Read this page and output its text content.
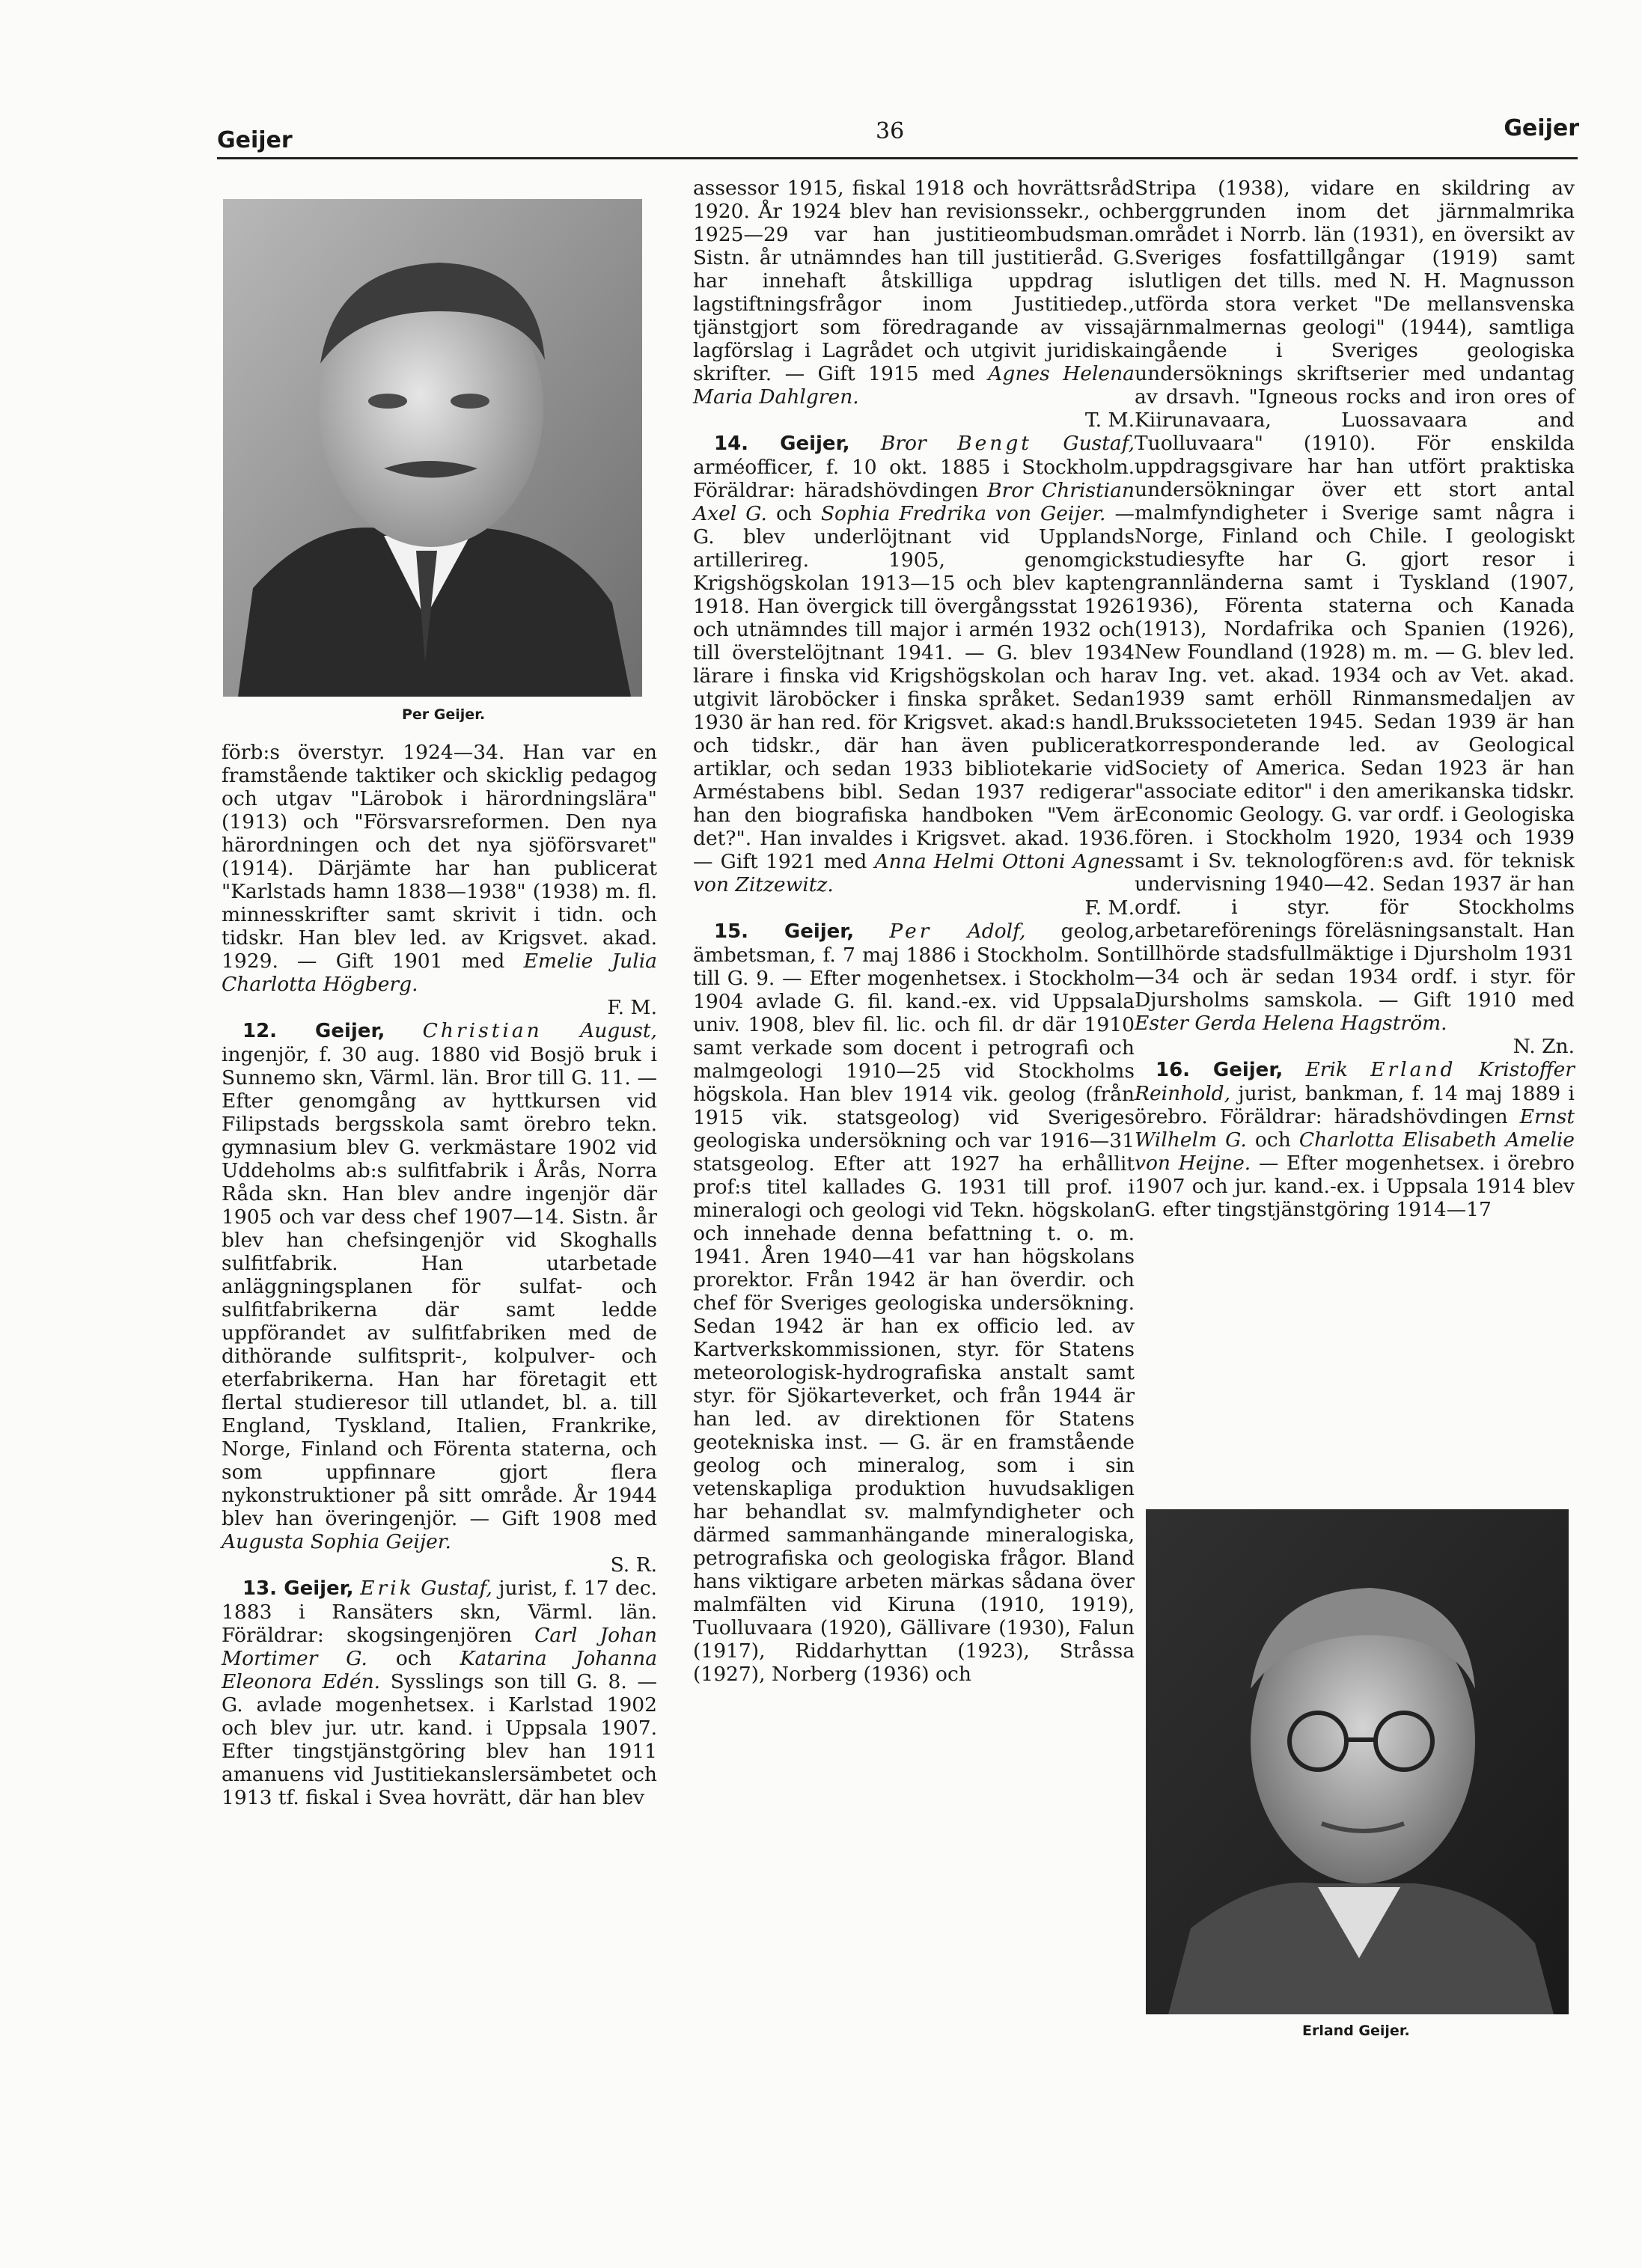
Geijer	36	Geijer
Per Geijer.

förb:s överstyr. 1924—34. Han var en framstående taktiker och skicklig pedagog och utgav "Lärobok i härordningslära" (1913) och "Försvarsreformen. Den nya härordningen och det nya sjöförsvaret" (1914). Därjämte har han publicerat "Karlstads hamn 1838—1938" (1938) m. fl. minnesskrifter samt skrivit i tidn. och tidskr. Han blev led. av Krigsvet. akad. 1929. — Gift 1901 med Emelie Julia Charlotta Högberg.
F. M.

12. Geijer, Christian August, ingenjör, f. 30 aug. 1880 vid Bosjö bruk i Sunnemo skn, Värml. län. Bror till G. 11. — Efter genomgång av hyttkursen vid Filipstads bergsskola samt örebro tekn. gymnasium blev G. verkmästare 1902 vid Uddeholms ab:s sulfitfabrik i Årås, Norra Råda skn. Han blev andre ingenjör där 1905 och var dess chef 1907—14. Sistn. år blev han chefsingenjör vid Skoghalls sulfitfabrik. Han utarbetade anläggningsplanen för sulfat- och sulfitfabrikerna där samt ledde uppförandet av sulfitfabriken med de dithörande sulfitsprit-, kolpulver- och eterfabrikerna. Han har företagit ett flertal studieresor till utlandet, bl. a. till England, Tyskland, Italien, Frankrike, Norge, Finland och Förenta staterna, och som uppfinnare gjort flera nykonstruktioner på sitt område. År 1944 blev han överingenjör. — Gift 1908 med Augusta Sophia Geijer.
S. R.

13. Geijer, Erik Gustaf, jurist, f. 17 dec. 1883 i Ransäters skn, Värml. län. Föräldrar: skogsingenjören Carl Johan Mortimer G. och Katarina Johanna Eleonora Edén. Sysslings son till G. 8. — G. avlade mogenhetsex. i Karlstad 1902 och blev jur. utr. kand. i Uppsala 1907. Efter tingstjänstgöring blev han 1911 amanuens vid Justitiekanslersämbetet och 1913 tf. fiskal i Svea hovrätt, där han blev

assessor 1915, fiskal 1918 och hovrättsråd 1920. År 1924 blev han revisionssekr., och 1925—29 var han justitieombudsman. Sistn. år utnämndes han till justitieråd. G. har innehaft åtskilliga uppdrag i lagstiftningsfrågor inom Justitiedep., tjänstgjort som föredragande av vissa lagförslag i Lagrådet och utgivit juridiska skrifter. — Gift 1915 med Agnes Helena Maria Dahlgren.
T. M.

14. Geijer, Bror Bengt Gustaf, arméofficer, f. 10 okt. 1885 i Stockholm. Föräldrar: häradshövdingen Bror Christian Axel G. och Sophia Fredrika von Geijer. — G. blev underlöjtnant vid Upplands artillerireg. 1905, genomgick Krigshögskolan 1913—15 och blev kapten 1918. Han övergick till övergångsstat 1926 och utnämndes till major i armén 1932 och till överstelöjtnant 1941. — G. blev 1934 lärare i finska vid Krigshögskolan och har utgivit läroböcker i finska språket. Sedan 1930 är han red. för Krigsvet. akad:s handl. och tidskr., där han även publicerat artiklar, och sedan 1933 bibliotekarie vid Arméstabens bibl. Sedan 1937 redigerar han den biografiska handboken "Vem är det?". Han invaldes i Krigsvet. akad. 1936. — Gift 1921 med Anna Helmi Ottoni Agnes von Zitzewitz.
F. M.

15. Geijer, Per Adolf, geolog, ämbetsman, f. 7 maj 1886 i Stockholm. Son till G. 9. — Efter mogenhetsex. i Stockholm 1904 avlade G. fil. kand.-ex. vid Uppsala univ. 1908, blev fil. lic. och fil. dr där 1910 samt verkade som docent i petrografi och malmgeologi 1910—25 vid Stockholms högskola. Han blev 1914 vik. geolog (från 1915 vik. statsgeolog) vid Sveriges geologiska undersökning och var 1916—31 statsgeolog. Efter att 1927 ha erhållit prof:s titel kallades G. 1931 till prof. i mineralogi och geologi vid Tekn. högskolan och innehade denna befattning t. o. m. 1941. Åren 1940—41 var han högskolans prorektor. Från 1942 är han överdir. och chef för Sveriges geologiska undersökning. Sedan 1942 är han ex officio led. av Kartverkskommissionen, styr. för Statens meteorologisk-hydrografiska anstalt samt styr. för Sjökarteverket, och från 1944 är han led. av direktionen för Statens geotekniska inst. — G. är en framstående geolog och mineralog, som i sin vetenskapliga produktion huvudsakligen har behandlat sv. malmfyndigheter och därmed sammanhängande mineralogiska, petrografiska och geologiska frågor. Bland hans viktigare arbeten märkas sådana över malmfälten vid Kiruna (1910, 1919), Tuolluvaara (1920), Gällivare (1930), Falun (1917), Riddarhyttan (1923), Stråssa (1927), Norberg (1936) och

Stripa (1938), vidare en skildring av berggrunden inom det järnmalmrika området i Norrb. län (1931), en översikt av Sveriges fosfattillgångar (1919) samt slutligen det tills. med N. H. Magnusson utförda stora verket "De mellansvenska järnmalmernas geologi" (1944), samtliga ingående i Sveriges geologiska undersöknings skriftserier med undantag av drsavh. "Igneous rocks and iron ores of Kiirunavaara, Luossavaara and Tuolluvaara" (1910). För enskilda uppdragsgivare har han utfört praktiska undersökningar över ett stort antal malmfyndigheter i Sverige samt några i Norge, Finland och Chile. I geologiskt studiesyfte har G. gjort resor i grannländerna samt i Tyskland (1907, 1936), Förenta staterna och Kanada (1913), Nordafrika och Spanien (1926), New Foundland (1928) m. m. — G. blev led. av Ing. vet. akad. 1934 och av Vet. akad. 1939 samt erhöll Rinmansmedaljen av Brukssocieteten 1945. Sedan 1939 är han korresponderande led. av Geological Society of America. Sedan 1923 är han "associate editor" i den amerikanska tidskr. Economic Geology. G. var ordf. i Geologiska fören. i Stockholm 1920, 1934 och 1939 samt i Sv. teknologfören:s avd. för teknisk undervisning 1940—42. Sedan 1937 är han ordf. i styr. för Stockholms arbetareförenings föreläsningsanstalt. Han tillhörde stadsfullmäktige i Djursholm 1931—34 och är sedan 1934 ordf. i styr. för Djursholms samskola. — Gift 1910 med Ester Gerda Helena Hagström.
N. Zn.

16. Geijer, Erik Erland Kristoffer Reinhold, jurist, bankman, f. 14 maj 1889 i örebro. Föräldrar: häradshövdingen Ernst Wilhelm G. och Charlotta Elisabeth Amelie von Heijne. — Efter mogenhetsex. i örebro 1907 och jur. kand.-ex. i Uppsala 1914 blev G. efter tingstjänstgöring 1914—17

Erland Geijer.
